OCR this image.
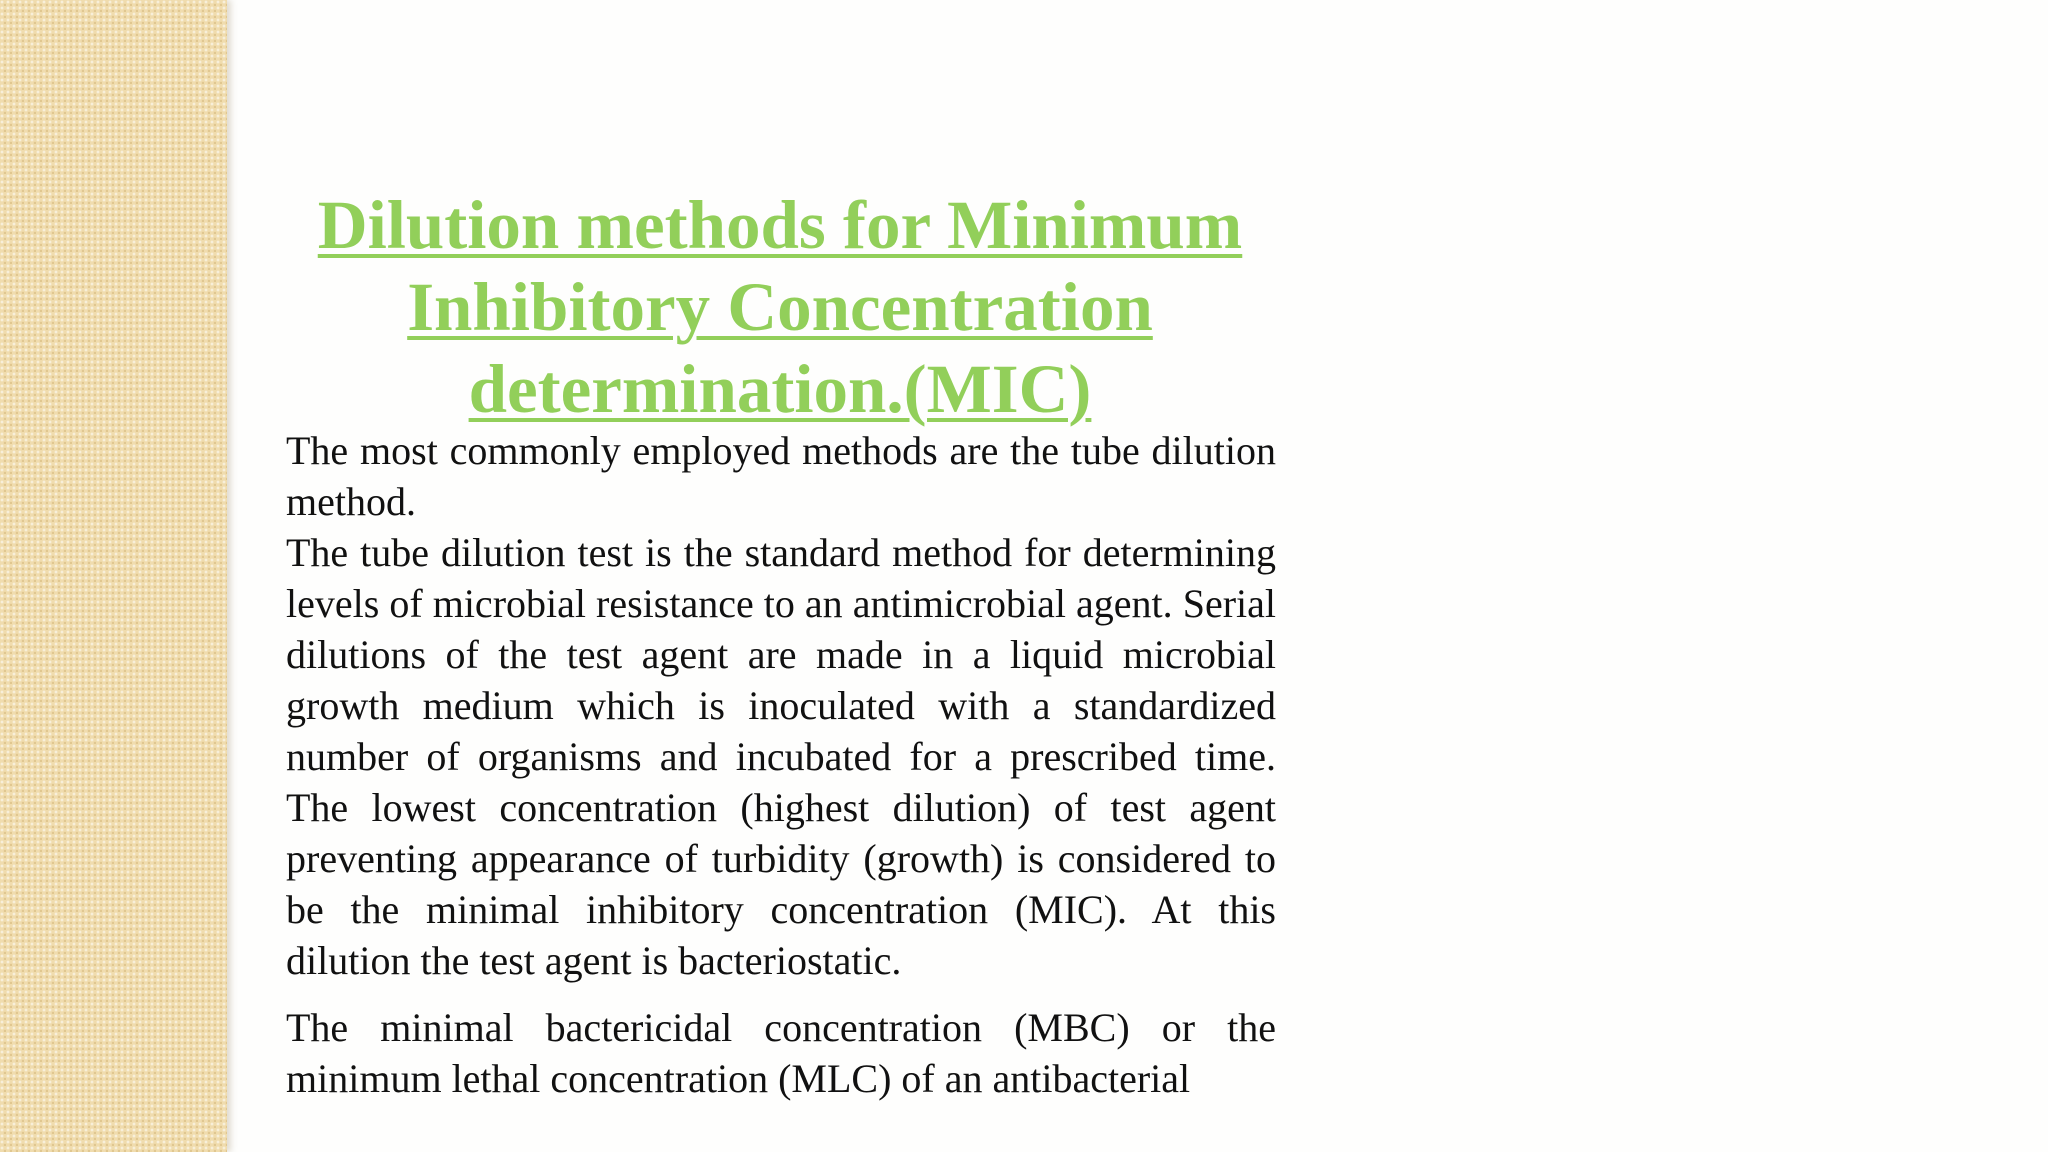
Dilution methods for Minimum Inhibitory Concentration determination.(MIC)

The most commonly employed methods are the tube dilution method.

The tube dilution test is the standard method for determining levels of microbial resistance to an antimicrobial agent. Serial dilutions of the test agent are made in a liquid microbial growth medium which is inoculated with a standardized number of organisms and incubated for a prescribed time. The lowest concentration (highest dilution) of test agent preventing appearance of turbidity (growth) is considered to be the minimal inhibitory concentration (MIC). At this dilution the test agent is bacteriostatic.

The minimal bactericidal concentration (MBC) or the minimum lethal concentration (MLC) of an antibacterial
